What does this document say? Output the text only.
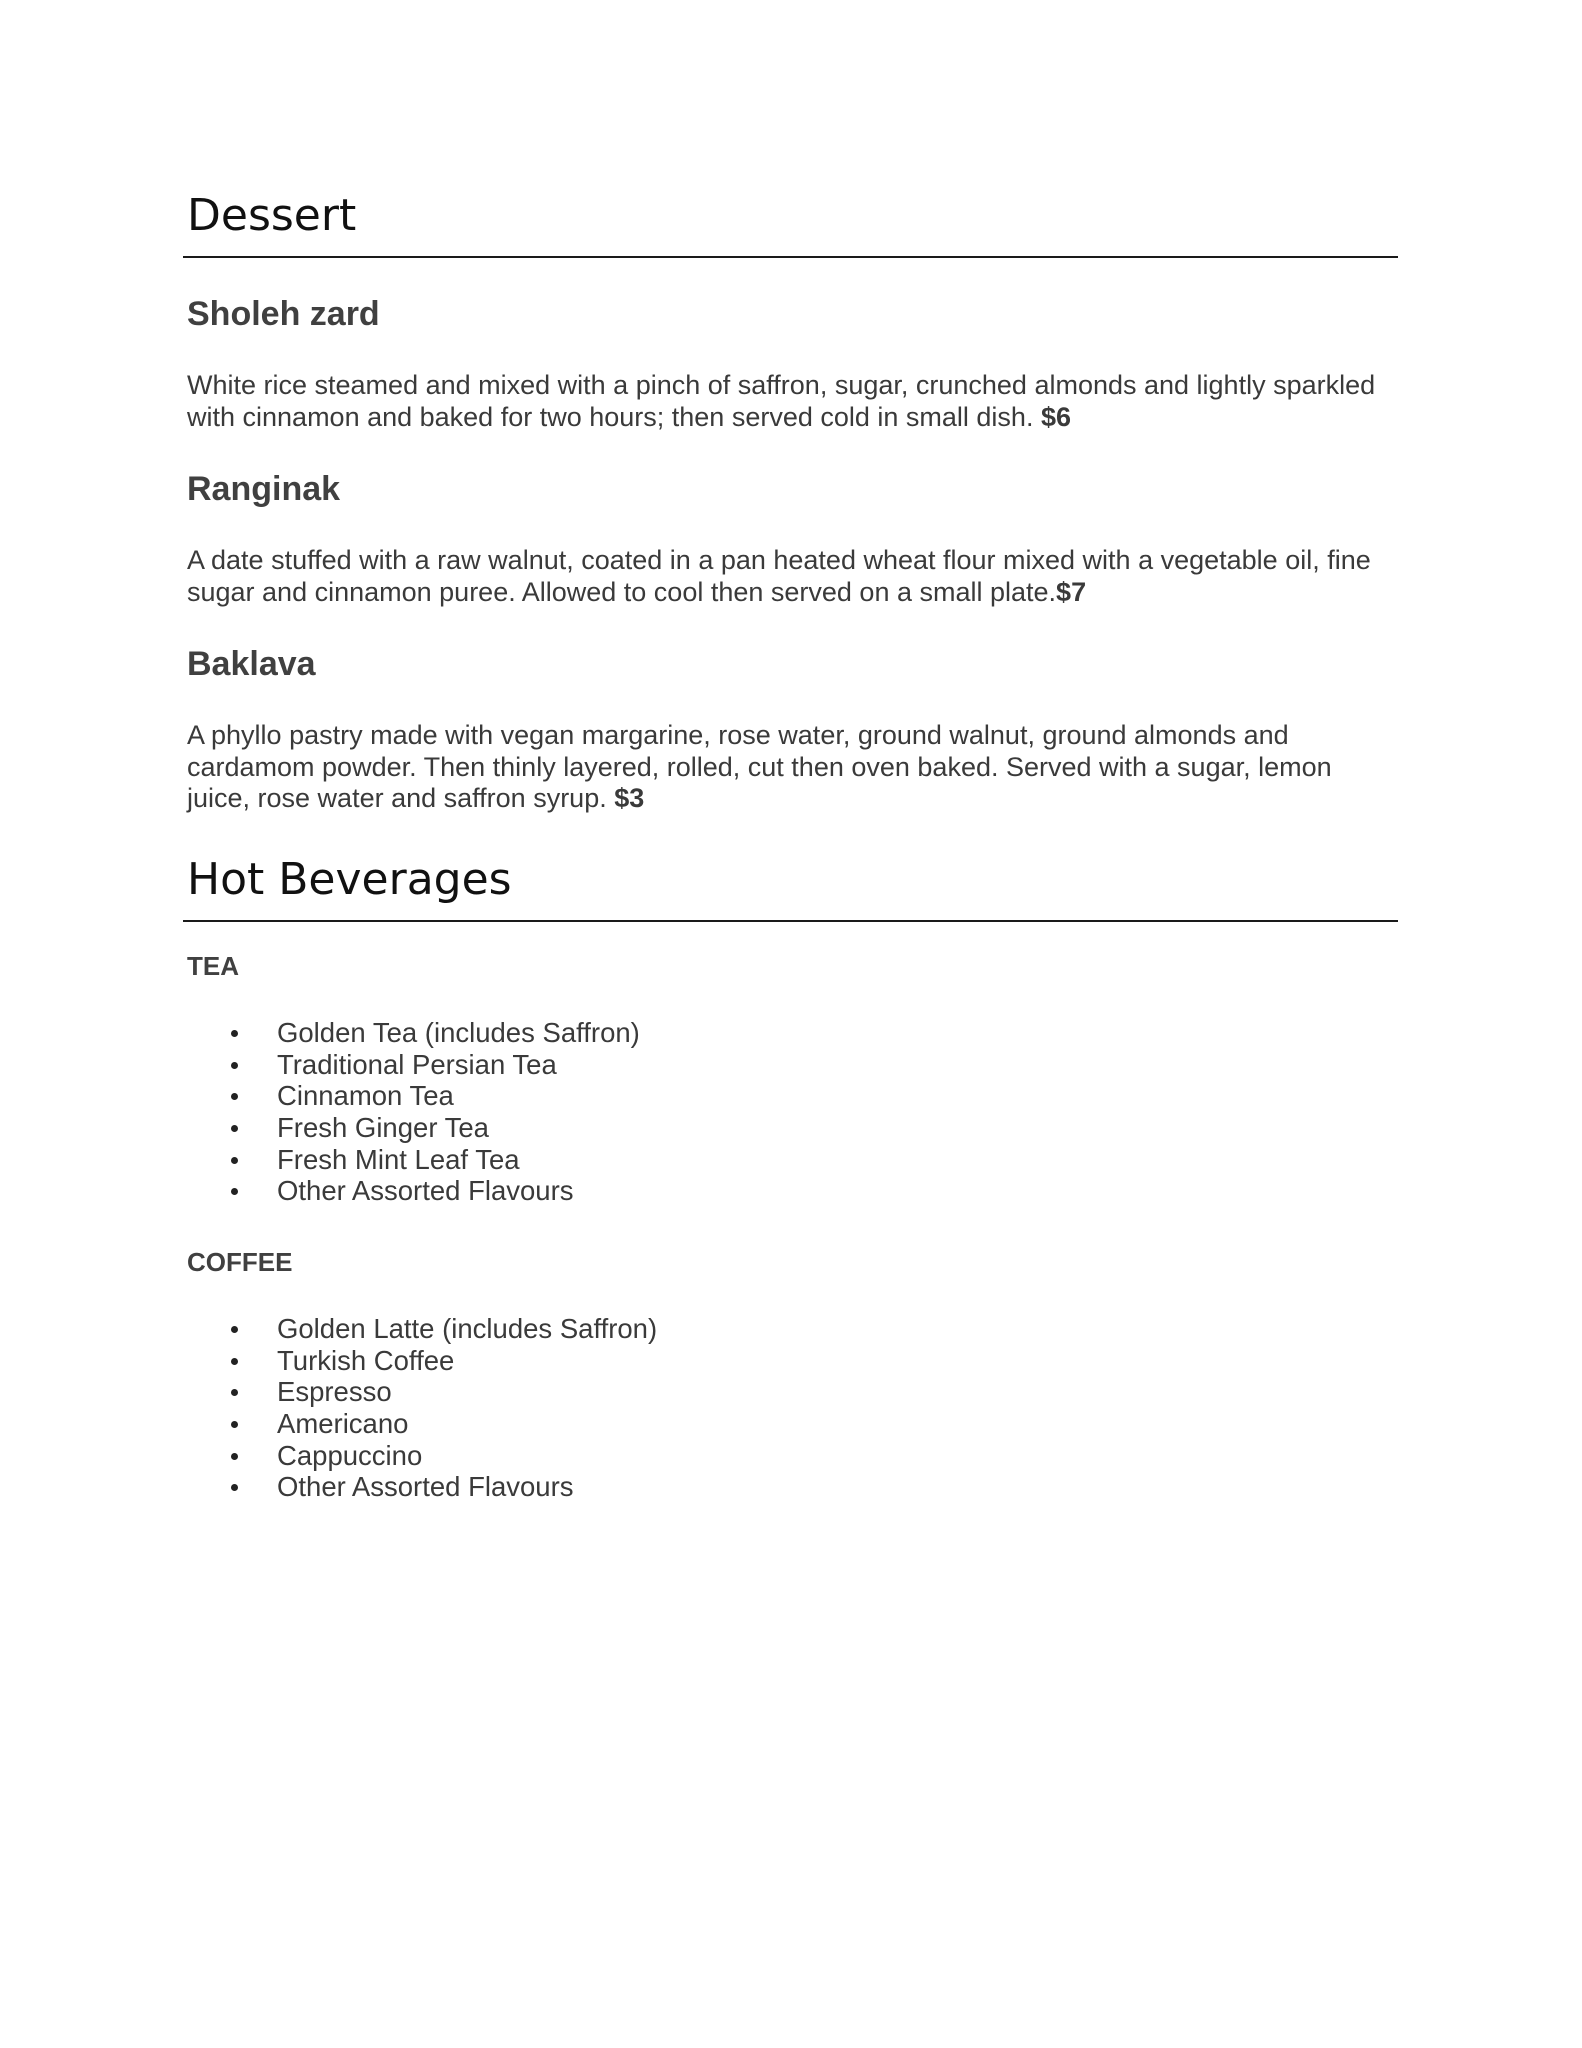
Dessert
Sholeh zard

White rice steamed and mixed with a pinch of saffron, sugar, crunched almonds and lightly sparkled
with cinnamon and baked for two hours; then served cold in small dish. $6

Ranginak

A date stuffed with a raw walnut, coated in a pan heated wheat flour mixed with a vegetable oil, fine
sugar and cinnamon puree. Allowed to cool then served on a small plate.$7

Baklava

A phyllo pastry made with vegan margarine, rose water, ground walnut, ground almonds and
cardamom powder. Then thinly layered, rolled, cut then oven baked. Served with a sugar, lemon
juice, rose water and saffron syrup. $3

Hot Beverages
TEA
Golden Tea (includes Saffron)
Traditional Persian Tea
Cinnamon Tea
Fresh Ginger Tea
Fresh Mint Leaf Tea
Other Assorted Flavours
COFFEE
Golden Latte (includes Saffron)
Turkish Coffee
Espresso
Americano
Cappuccino
Other Assorted Flavours
